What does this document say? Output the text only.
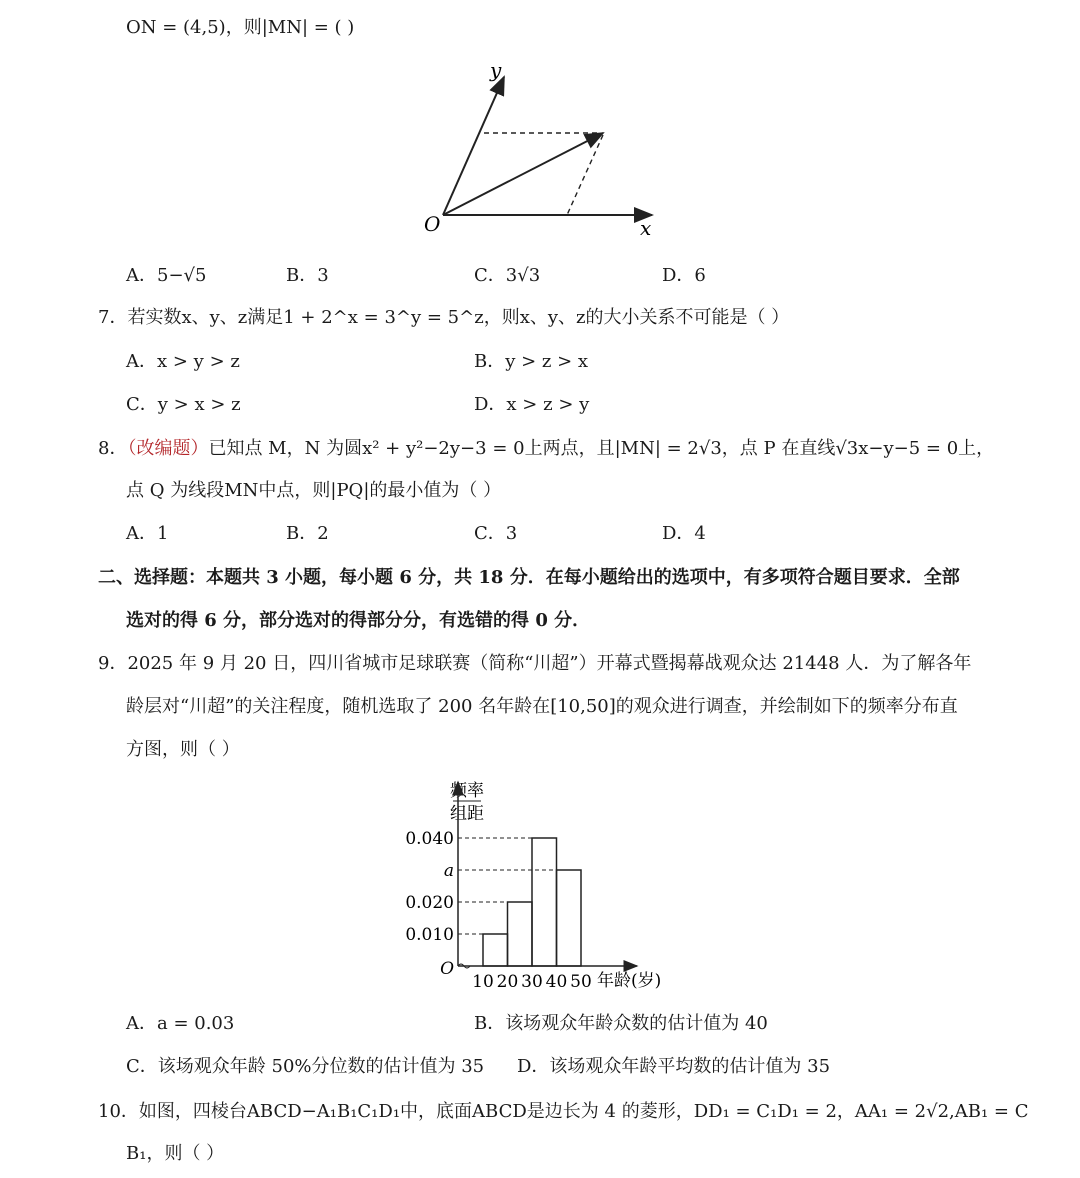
ON = (4,5)，则|MN| = ( )
y
x
O
A．5−√5	B．3	C．3√3	D．6
7．若实数x、y、z满足1 + 2^x = 3^y = 5^z，则x、y、z的大小关系不可能是（ ）
A．x > y > z	B．y > z > x
C．y > x > z	D．x > z > y
8．（改编题）已知点 M，N 为圆x² + y²−2y−3 = 0上两点，且|MN| = 2√3，点 P 在直线√3x−y−5 = 0上，
点 Q 为线段MN中点，则|PQ|的最小值为（ ）
A．1	B．2	C．3	D．4
二、选择题：本题共 3 小题，每小题 6 分，共 18 分．在每小题给出的选项中，有多项符合题目要求．全部
选对的得 6 分，部分选对的得部分分，有选错的得 0 分．
9．2025 年 9 月 20 日，四川省城市足球联赛（简称“川超”）开幕式暨揭幕战观众达 21448 人．为了解各年
龄层对“川超”的关注程度，随机选取了 200 名年龄在[10,50]的观众进行调查，并绘制如下的频率分布直
方图，则（ ）
频率
组距
O
0.010
0.020
a
0.040
10 20 30 40 50 年龄(岁)
A．a = 0.03	B．该场观众年龄众数的估计值为 40
C．该场观众年龄 50%分位数的估计值为 35 D．该场观众年龄平均数的估计值为 35
10．如图，四棱台ABCD−A₁B₁C₁D₁中，底面ABCD是边长为 4 的菱形，DD₁ = C₁D₁ = 2，AA₁ = 2√2,AB₁ = C
B₁，则（ ）
